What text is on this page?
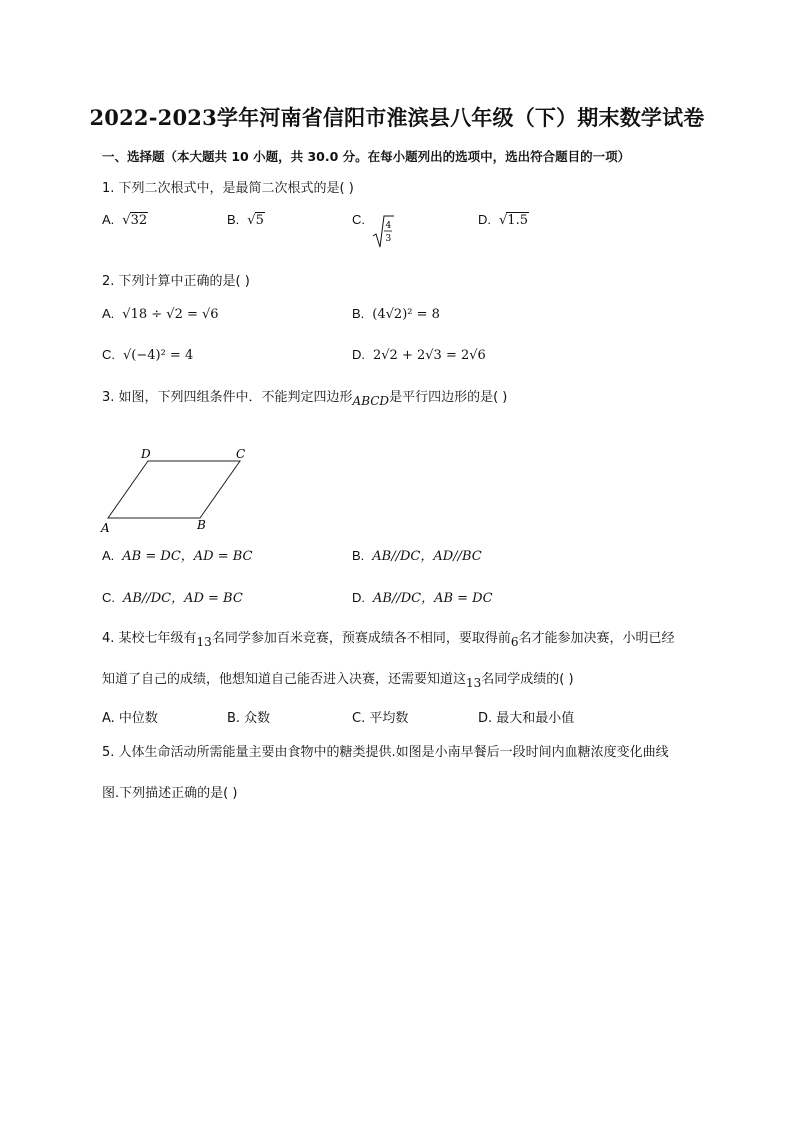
2022-2023学年河南省信阳市淮滨县八年级（下）期末数学试卷
一、选择题（本大题共 10 小题，共 30.0 分。在每小题列出的选项中，选出符合题目的一项）
1. 下列二次根式中，是最简二次根式的是( )
A. √32	B. √5	C.	4
3
D. √1.5
2. 下列计算中正确的是( )
A. √18 ÷ √2 = √6	B. (4√2)² = 8
C. √(−4)² = 4	D. 2√2 + 2√3 = 2√6
3. 如图，下列四组条件中．不能判定四边形ABCD是平行四边形的是( )
D	C
A	B
A. AB = DC，AD = BC	B. AB//DC，AD//BC
C. AB//DC，AD = BC	D. AB//DC，AB = DC
4. 某校七年级有13名同学参加百米竞赛，预赛成绩各不相同，要取得前6名才能参加决赛，小明已经
知道了自己的成绩，他想知道自己能否进入决赛，还需要知道这13名同学成绩的( )
A. 中位数	B. 众数	C. 平均数	D. 最大和最小值
5. 人体生命活动所需能量主要由食物中的糖类提供.如图是小南早餐后一段时间内血糖浓度变化曲线
图.下列描述正确的是( )
